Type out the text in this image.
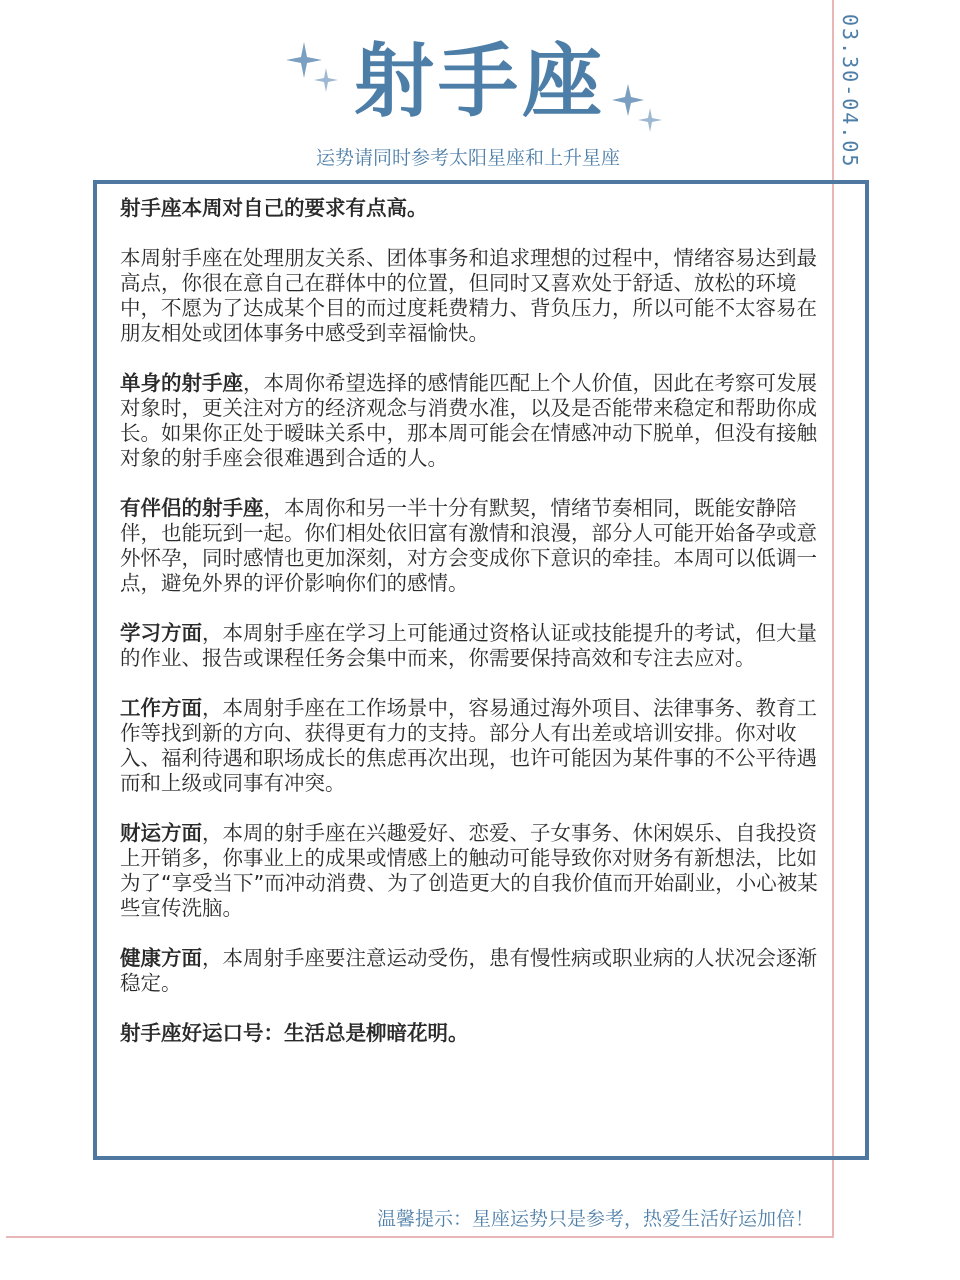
射手座
运势请同时参考太阳星座和上升星座	03.30-04.05

射手座本周对自己的要求有点高。

本周射手座在处理朋友关系、团体事务和追求理想的过程中，情绪容易达到最高点，你很在意自己在群体中的位置，但同时又喜欢处于舒适、放松的环境中，不愿为了达成某个目的而过度耗费精力、背负压力，所以可能不太容易在朋友相处或团体事务中感受到幸福愉快。

单身的射手座，本周你希望选择的感情能匹配上个人价值，因此在考察可发展对象时，更关注对方的经济观念与消费水准，以及是否能带来稳定和帮助你成长。如果你正处于暧昧关系中，那本周可能会在情感冲动下脱单，但没有接触对象的射手座会很难遇到合适的人。

有伴侣的射手座，本周你和另一半十分有默契，情绪节奏相同，既能安静陪伴，也能玩到一起。你们相处依旧富有激情和浪漫，部分人可能开始备孕或意外怀孕，同时感情也更加深刻，对方会变成你下意识的牵挂。本周可以低调一点，避免外界的评价影响你们的感情。

学习方面，本周射手座在学习上可能通过资格认证或技能提升的考试，但大量的作业、报告或课程任务会集中而来，你需要保持高效和专注去应对。

工作方面，本周射手座在工作场景中，容易通过海外项目、法律事务、教育工作等找到新的方向、获得更有力的支持。部分人有出差或培训安排。你对收入、福利待遇和职场成长的焦虑再次出现，也许可能因为某件事的不公平待遇而和上级或同事有冲突。

财运方面，本周的射手座在兴趣爱好、恋爱、子女事务、休闲娱乐、自我投资上开销多，你事业上的成果或情感上的触动可能导致你对财务有新想法，比如为了“享受当下”而冲动消费、为了创造更大的自我价值而开始副业，小心被某些宣传洗脑。

健康方面，本周射手座要注意运动受伤，患有慢性病或职业病的人状况会逐渐稳定。

射手座好运口号：生活总是柳暗花明。

温馨提示：星座运势只是参考，热爱生活好运加倍！
